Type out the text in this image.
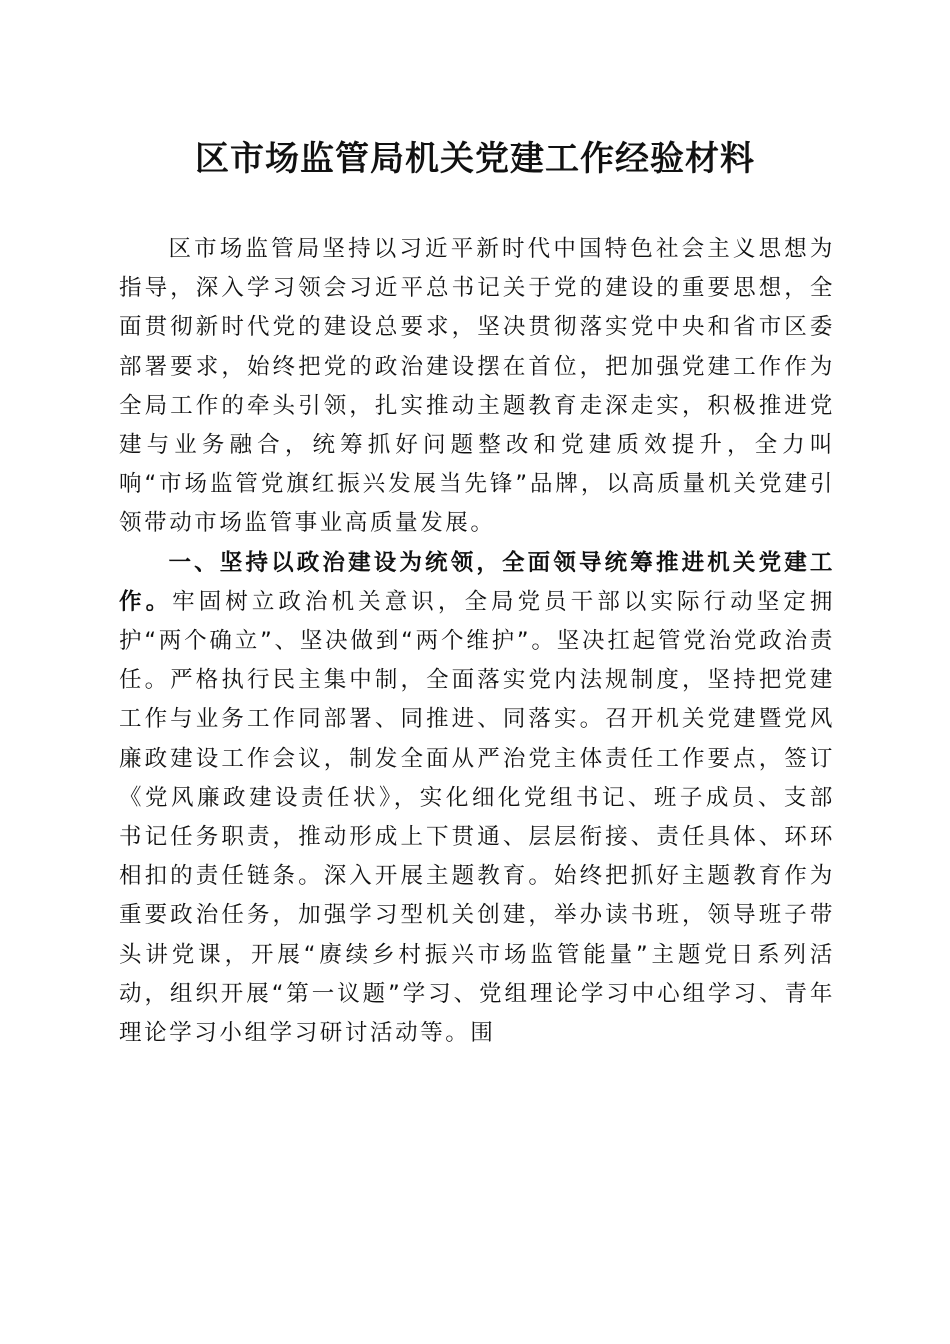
区市场监管局机关党建工作经验材料

区市场监管局坚持以习近平新时代中国特色社会主义思想为指导，深入学习领会习近平总书记关于党的建设的重要思想，全面贯彻新时代党的建设总要求，坚决贯彻落实党中央和省市区委部署要求，始终把党的政治建设摆在首位，把加强党建工作作为全局工作的牵头引领，扎实推动主题教育走深走实，积极推进党建与业务融合，统筹抓好问题整改和党建质效提升，全力叫响“市场监管党旗红振兴发展当先锋”品牌，以高质量机关党建引领带动市场监管事业高质量发展。

一、坚持以政治建设为统领，全面领导统筹推进机关党建工作。牢固树立政治机关意识，全局党员干部以实际行动坚定拥护“两个确立”、坚决做到“两个维护”。坚决扛起管党治党政治责任。严格执行民主集中制，全面落实党内法规制度，坚持把党建工作与业务工作同部署、同推进、同落实。召开机关党建暨党风廉政建设工作会议，制发全面从严治党主体责任工作要点，签订《党风廉政建设责任状》，实化细化党组书记、班子成员、支部书记任务职责，推动形成上下贯通、层层衔接、责任具体、环环相扣的责任链条。深入开展主题教育。始终把抓好主题教育作为重要政治任务，加强学习型机关创建，举办读书班，领导班子带头讲党课，开展“赓续乡村振兴市场监管能量”主题党日系列活动，组织开展“第一议题”学习、党组理论学习中心组学习、青年理论学习小组学习研讨活动等。围
